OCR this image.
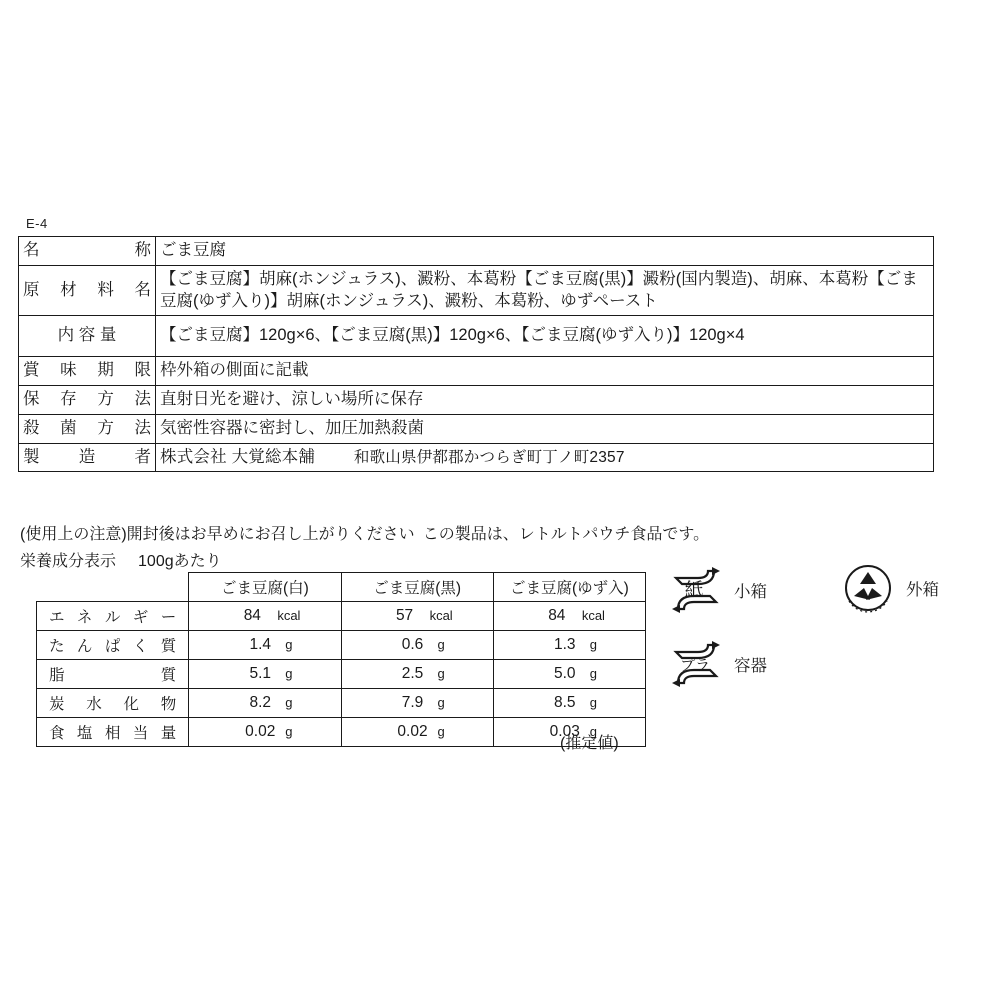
E-4
名　　　称	ごま豆腐
原 材 料 名	【ごま豆腐】胡麻(ホンジュラス)、澱粉、本葛粉【ごま豆腐(黒)】澱粉(国内製造)、胡麻、本葛粉【ごま豆腐(ゆず入り)】胡麻(ホンジュラス)、澱粉、本葛粉、ゆずペースト
内 容 量	【ごま豆腐】120g×6、【ごま豆腐(黒)】120g×6、【ごま豆腐(ゆず入り)】120g×4
賞 味 期 限	枠外箱の側面に記載
保 存 方 法	直射日光を避け、涼しい場所に保存
殺 菌 方 法	気密性容器に密封し、加圧加熱殺菌
製 造 者	株式会社 大覚総本舗 和歌山県伊都郡かつらぎ町丁ノ町2357
(使用上の注意)開封後はお早めにお召し上がりください この製品は、レトルトパウチ食品です。
栄養成分表示 100gあたり
	ごま豆腐(白)	ごま豆腐(黒)	ごま豆腐(ゆず入)
エネルギー	84 kcal	57 kcal	84 kcal
たんぱく質	1.4 g	0.6 g	1.3 g
脂　　質	5.1 g	2.5 g	5.0 g
炭水化物	8.2 g	7.9 g	8.5 g
食塩相当量	0.02 g	0.02 g	0.03 g
(推定値)
紙 小箱	外箱
プラ 容器
